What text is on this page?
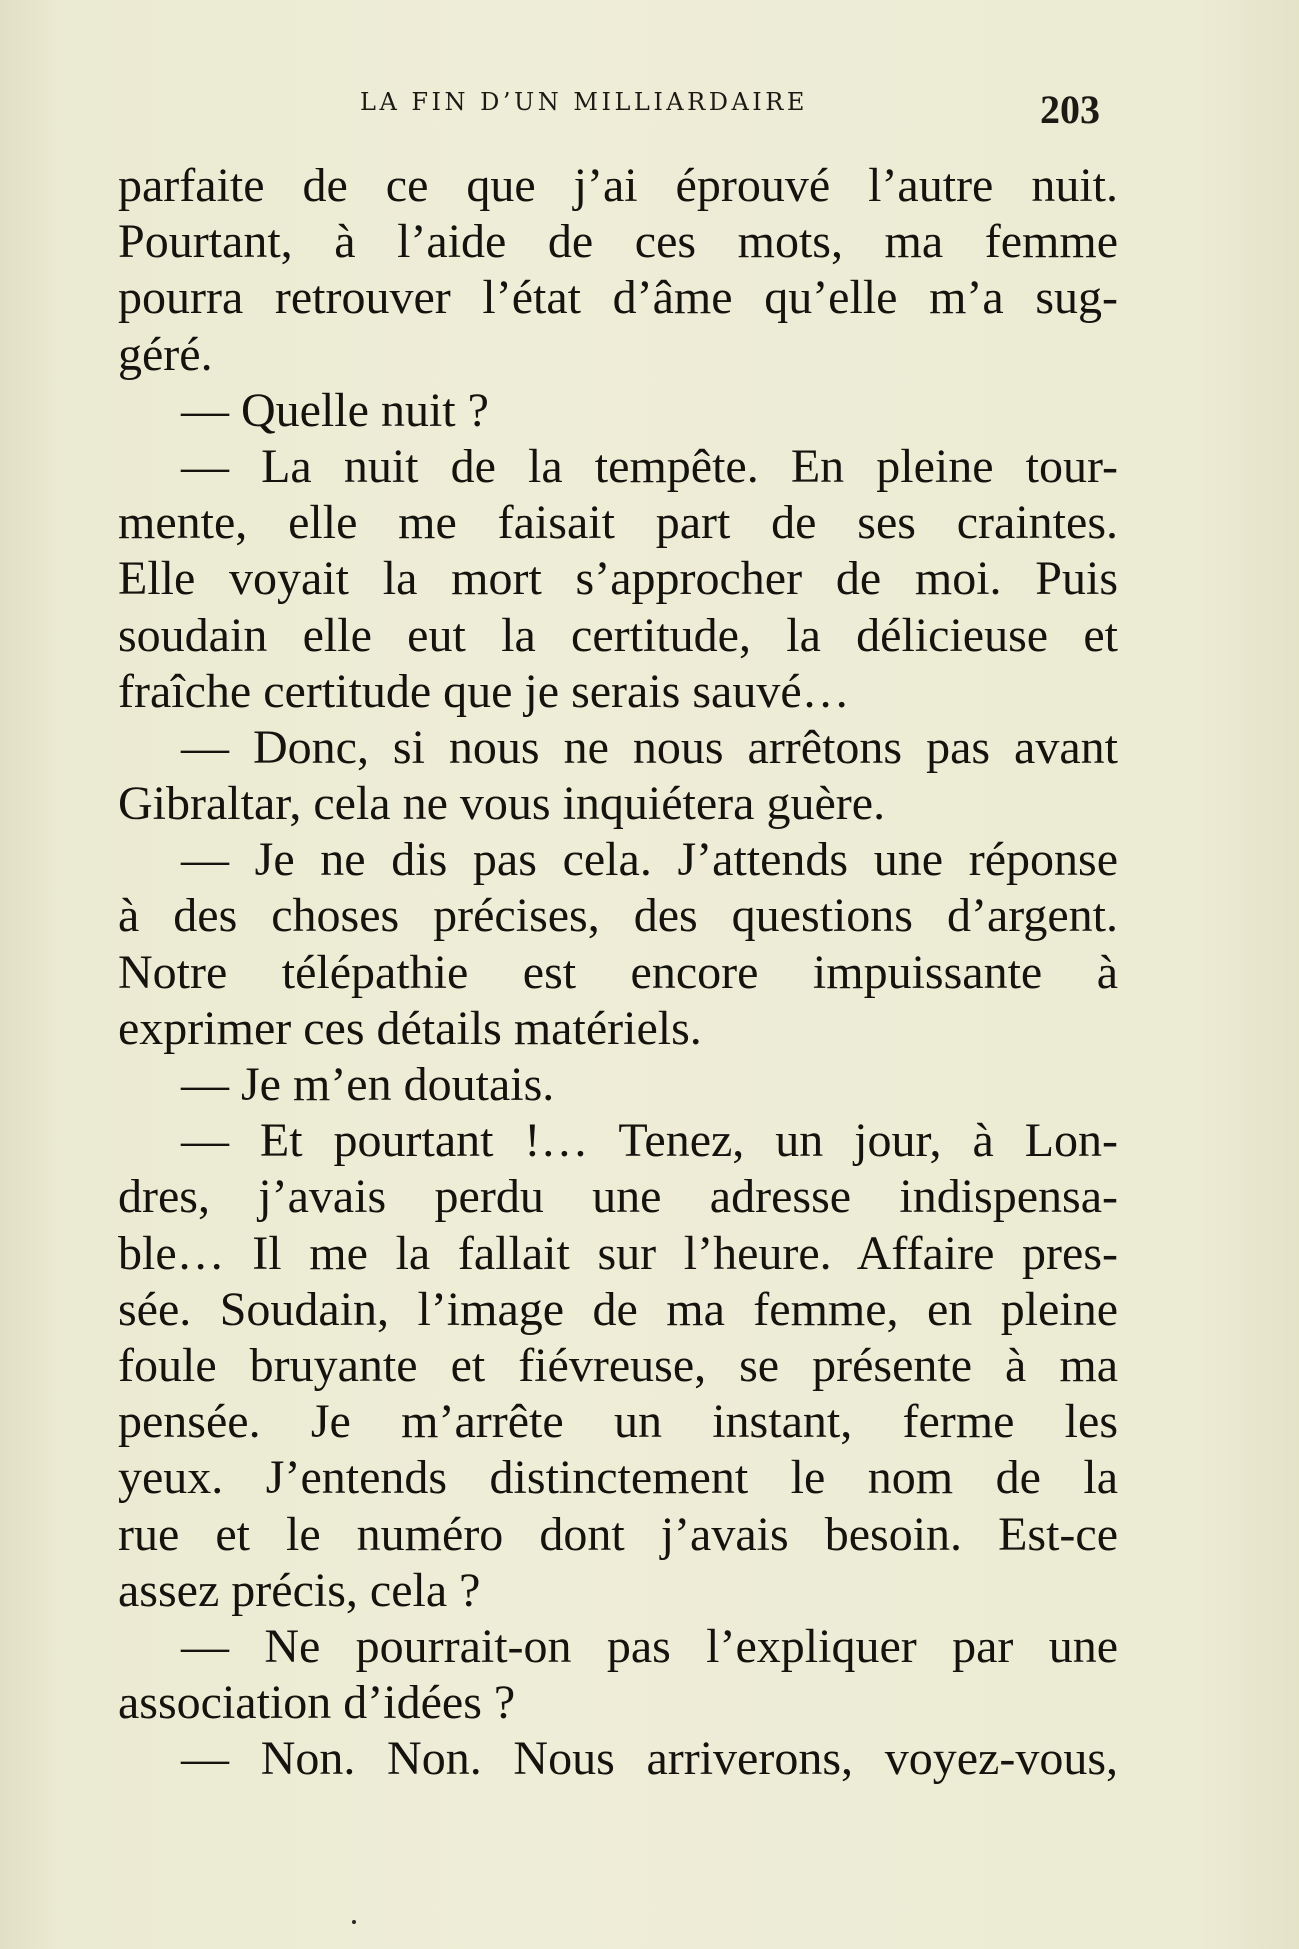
LA FIN D’UN MILLIARDAIRE	203
parfaite de ce que j’ai éprouvé l’autre nuit.
Pourtant, à l’aide de ces mots, ma femme
pourra retrouver l’état d’âme qu’elle m’a sug-
géré.
— Quelle nuit ?
— La nuit de la tempête. En pleine tour-
mente, elle me faisait part de ses craintes.
Elle voyait la mort s’approcher de moi. Puis
soudain elle eut la certitude, la délicieuse et
fraîche certitude que je serais sauvé…
— Donc, si nous ne nous arrêtons pas avant
Gibraltar, cela ne vous inquiétera guère.
— Je ne dis pas cela. J’attends une réponse
à des choses précises, des questions d’argent.
Notre télépathie est encore impuissante à
exprimer ces détails matériels.
— Je m’en doutais.
— Et pourtant !… Tenez, un jour, à Lon-
dres, j’avais perdu une adresse indispensa-
ble… Il me la fallait sur l’heure. Affaire pres-
sée. Soudain, l’image de ma femme, en pleine
foule bruyante et fiévreuse, se présente à ma
pensée. Je m’arrête un instant, ferme les
yeux. J’entends distinctement le nom de la
rue et le numéro dont j’avais besoin. Est-ce
assez précis, cela ?
— Ne pourrait-on pas l’expliquer par une
association d’idées ?
— Non. Non. Nous arriverons, voyez-vous,
